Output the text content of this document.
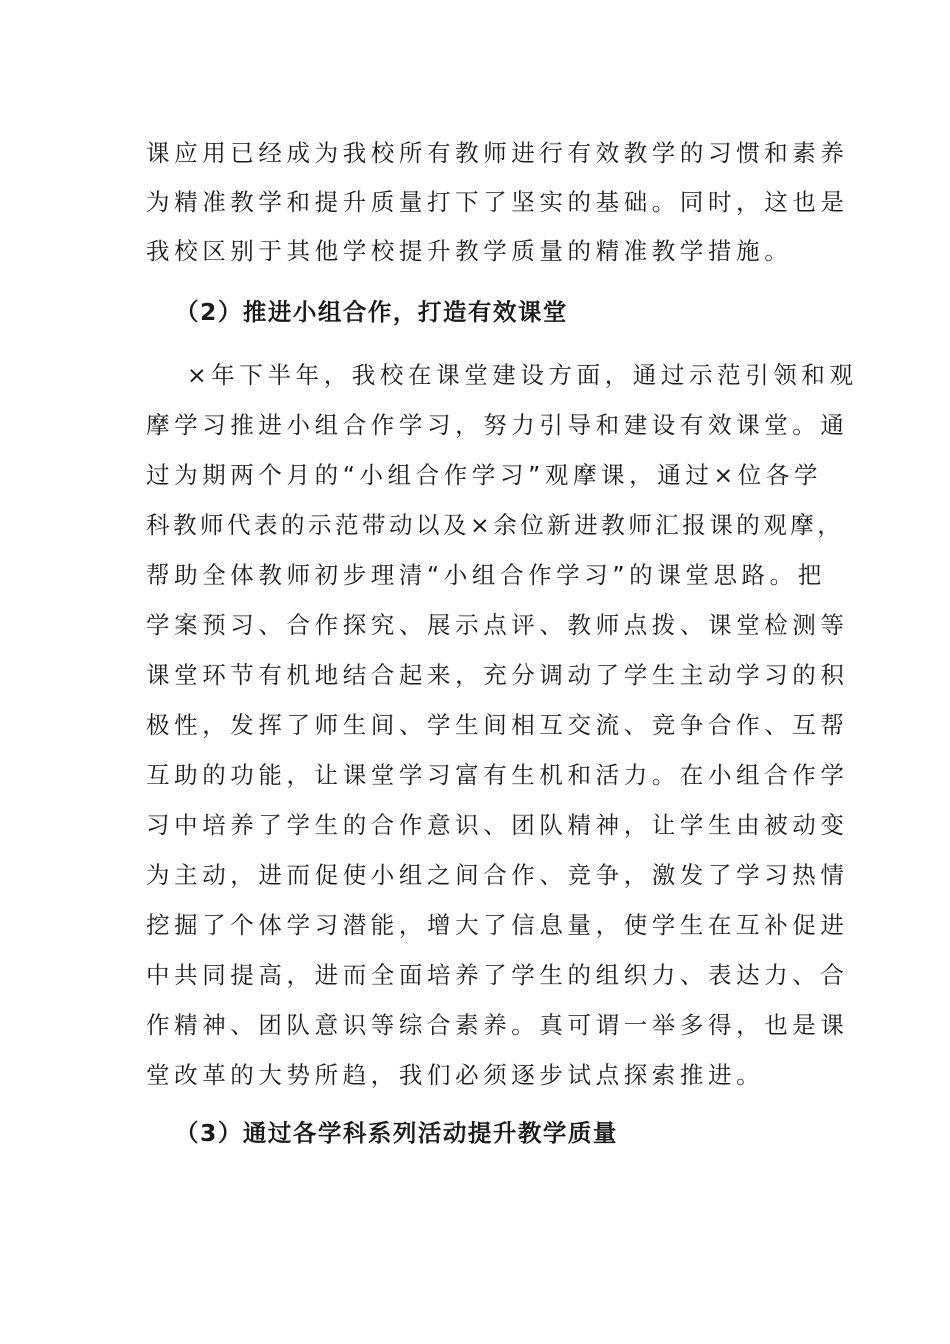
课应用已经成为我校所有教师进行有效教学的习惯和素养
为精准教学和提升质量打下了坚实的基础。同时，这也是
我校区别于其他学校提升教学质量的精准教学措施。
（2）推进小组合作，打造有效课堂
×年下半年，我校在课堂建设方面，通过示范引领和观
摩学习推进小组合作学习，努力引导和建设有效课堂。通
过为期两个月的“小组合作学习”观摩课，通过×位各学
科教师代表的示范带动以及×余位新进教师汇报课的观摩，
帮助全体教师初步理清“小组合作学习”的课堂思路。把
学案预习、合作探究、展示点评、教师点拨、课堂检测等
课堂环节有机地结合起来，充分调动了学生主动学习的积
极性，发挥了师生间、学生间相互交流、竞争合作、互帮
互助的功能，让课堂学习富有生机和活力。在小组合作学
习中培养了学生的合作意识、团队精神，让学生由被动变
为主动，进而促使小组之间合作、竞争，激发了学习热情
挖掘了个体学习潜能，增大了信息量，使学生在互补促进
中共同提高，进而全面培养了学生的组织力、表达力、合
作精神、团队意识等综合素养。真可谓一举多得，也是课
堂改革的大势所趋，我们必须逐步试点探索推进。
（3）通过各学科系列活动提升教学质量
